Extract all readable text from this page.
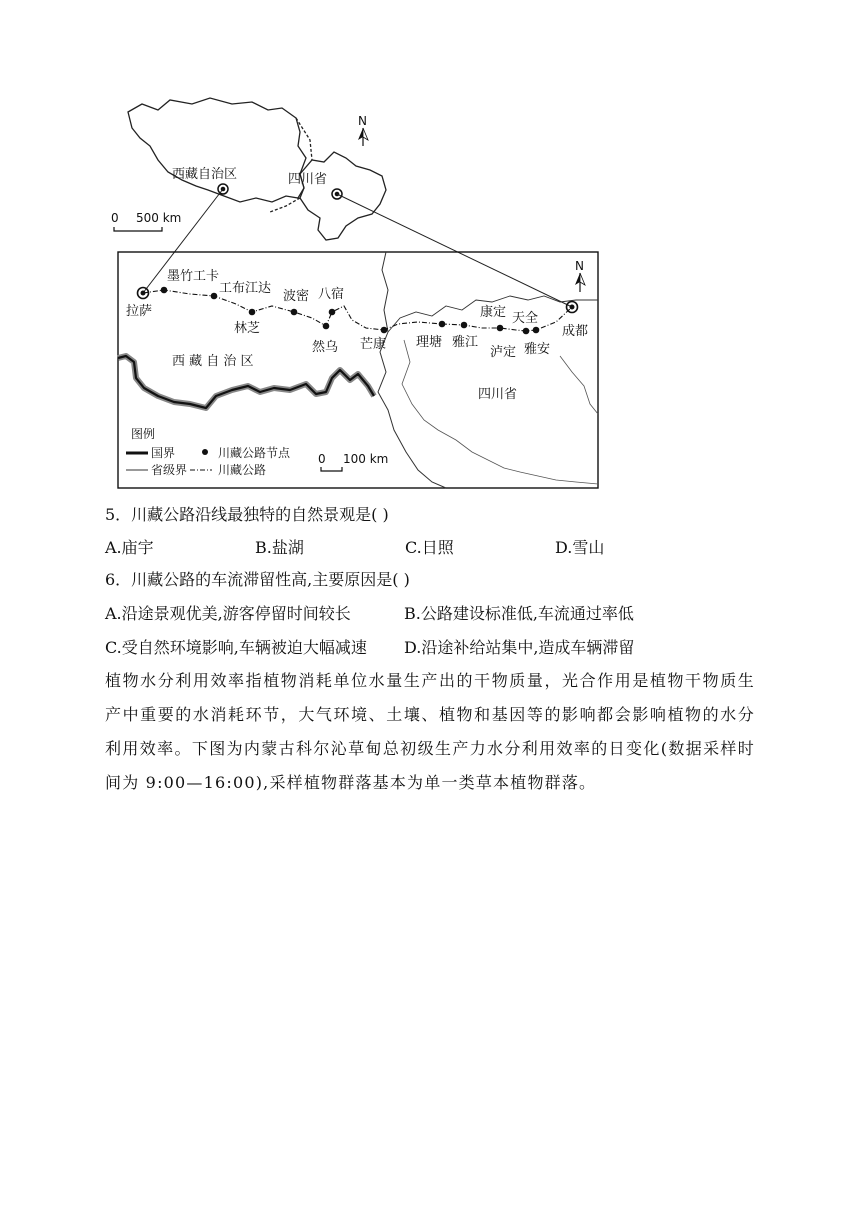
西藏自治区	四川省
N
0 500 km
拉萨
墨竹工卡
工布江达
林芝
波密 八宿
然乌 芒康 理塘 雅江
康定
泸定
天全
雅安
成都
西 藏 自 治 区
四川省
N
图例
国界	川藏公路节点
省级界	川藏公路
0 100 km
5．川藏公路沿线最独特的自然景观是( )
A.庙宇	B.盐湖	C.日照	D.雪山
6．川藏公路的车流滞留性高,主要原因是( )
A.沿途景观优美,游客停留时间较长	B.公路建设标准低,车流通过率低
C.受自然环境影响,车辆被迫大幅减速 D.沿途补给站集中,造成车辆滞留
植物水分利用效率指植物消耗单位水量生产出的干物质量，光合作用是植物干物质生产中重要的水消耗环节，大气环境、土壤、植物和基因等的影响都会影响植物的水分利用效率。下图为内蒙古科尔沁草甸总初级生产力水分利用效率的日变化(数据采样时间为 9:00—16:00),采样植物群落基本为单一类草本植物群落。
